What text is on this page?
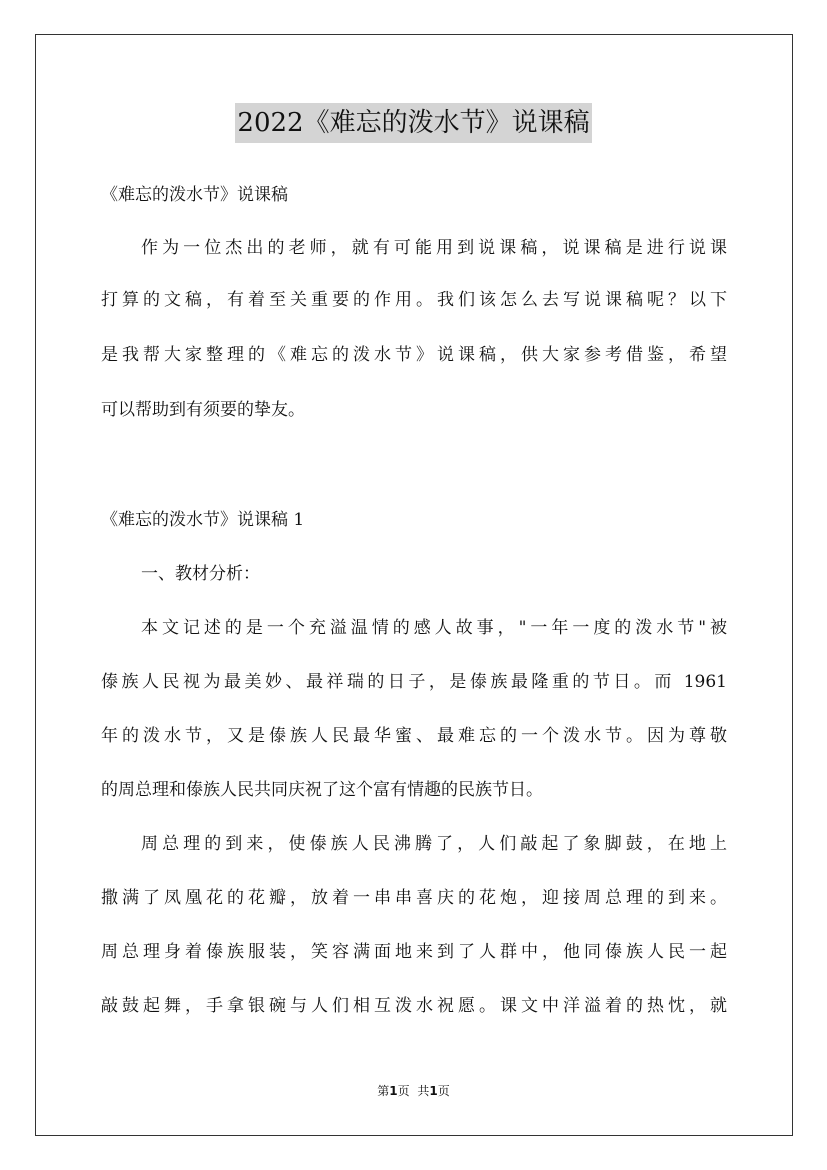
2022《难忘的泼水节》说课稿
《难忘的泼水节》说课稿
作为一位杰出的老师，就有可能用到说课稿，说课稿是进行说课
打算的文稿，有着至关重要的作用。我们该怎么去写说课稿呢？以下
是我帮大家整理的《难忘的泼水节》说课稿，供大家参考借鉴，希望
可以帮助到有须要的挚友。
《难忘的泼水节》说课稿 1
一、教材分析：
本文记述的是一个充溢温情的感人故事，"一年一度的泼水节"被
傣族人民视为最美妙、最祥瑞的日子，是傣族最隆重的节日。而 1961
年的泼水节，又是傣族人民最华蜜、最难忘的一个泼水节。因为尊敬
的周总理和傣族人民共同庆祝了这个富有情趣的民族节日。
周总理的到来，使傣族人民沸腾了，人们敲起了象脚鼓，在地上
撒满了凤凰花的花瓣，放着一串串喜庆的花炮，迎接周总理的到来。
周总理身着傣族服装，笑容满面地来到了人群中，他同傣族人民一起
敲鼓起舞，手拿银碗与人们相互泼水祝愿。课文中洋溢着的热忱，就
第1页 共1页
